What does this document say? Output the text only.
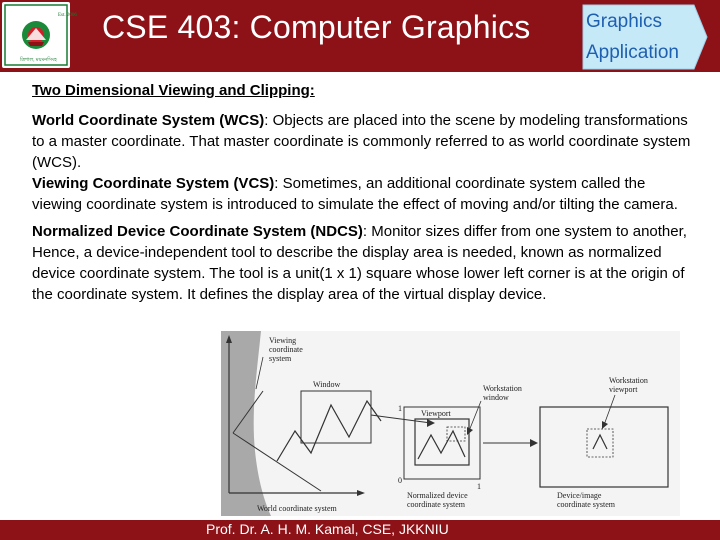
Est. 2006
ত্রিশাল, ময়মনসিংহ
CSE 403: Computer Graphics	Graphics
Application
Two Dimensional Viewing and Clipping:

World Coordinate System (WCS): Objects are placed into the scene by modeling transformations to a master coordinate. That master coordinate is commonly referred to as world coordinate system (WCS).

Viewing Coordinate System (VCS): Sometimes, an additional coordinate system called the viewing coordinate system is introduced to simulate the effect of moving and/or tilting the camera.

Normalized Device Coordinate System (NDCS): Monitor sizes differ from one system to another, Hence, a device-independent tool to describe the display area is needed, known as normalized device coordinate system. The tool is a unit(1 x 1) square whose lower left corner is at the origin of the coordinate system. It defines the display area of the virtual display device.

Viewing coordinate system
Window
World coordinate system
1
0
1
Viewport
Workstation window
Normalized device coordinate system
Workstation viewport
Device/image coordinate system
Prof. Dr. A. H. M. Kamal, CSE, JKKNIU
